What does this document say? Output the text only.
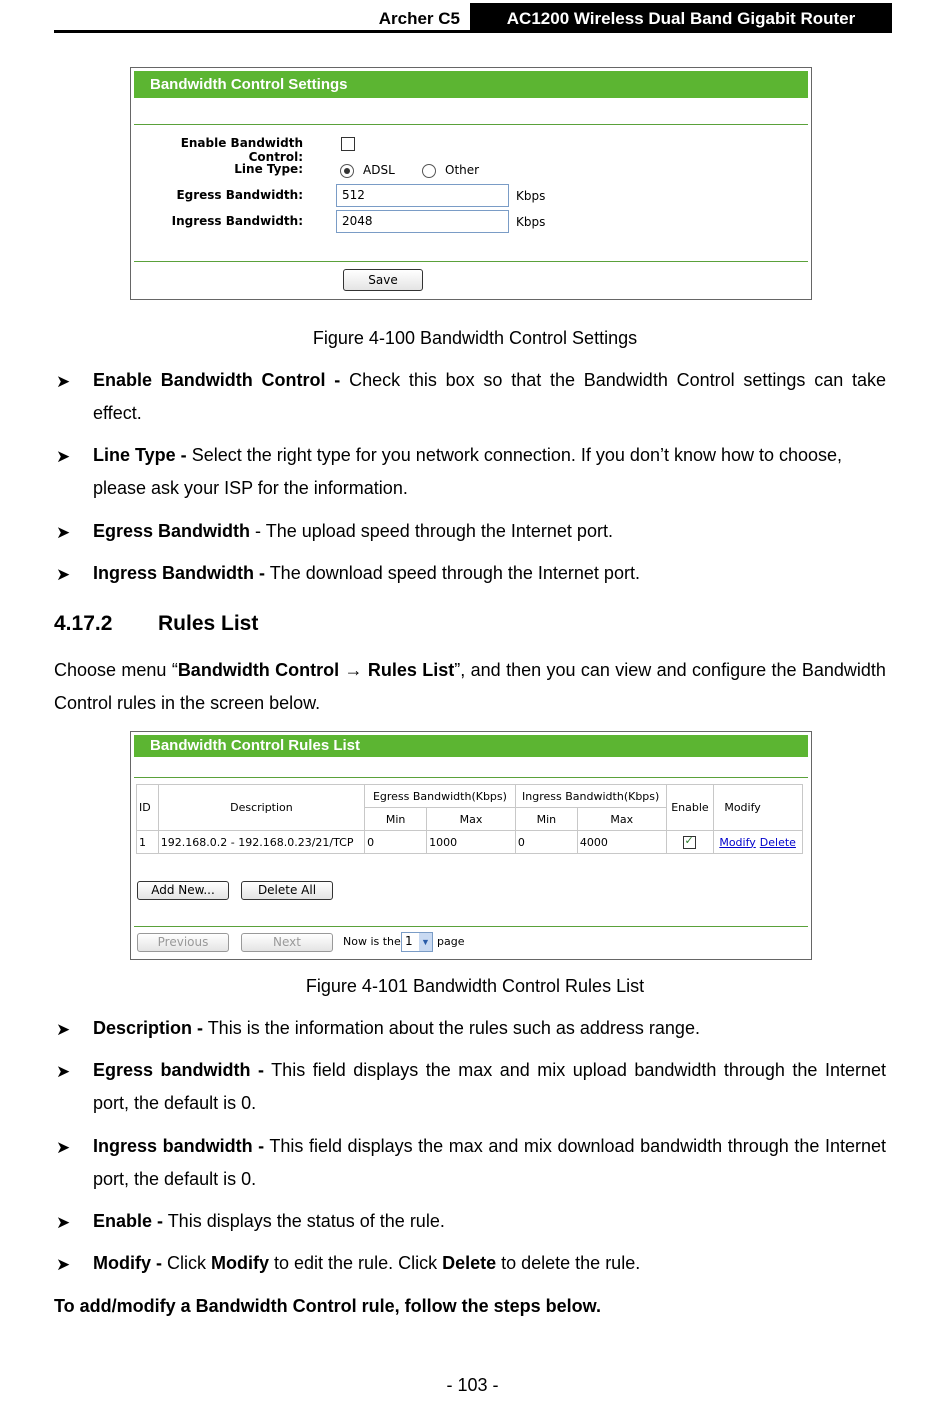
Archer C5	AC1200 Wireless Dual Band Gigabit Router
Bandwidth Control Settings
Enable Bandwidth Control:
Line Type:	ADSL	Other
Egress Bandwidth:	512	Kbps
Ingress Bandwidth:	2048	Kbps
Save
Figure 4-100 Bandwidth Control Settings
➤ Enable Bandwidth Control - Check this box so that the Bandwidth Control settings can take effect.
➤ Line Type - Select the right type for you network connection. If you don’t know how to choose, please ask your ISP for the information.
➤ Egress Bandwidth - The upload speed through the Internet port.
➤ Ingress Bandwidth - The download speed through the Internet port.
4.17.2 Rules List
Choose menu “Bandwidth Control → Rules List”, and then you can view and configure the Bandwidth Control rules in the screen below.
Bandwidth Control Rules List
ID	Description	Egress Bandwidth(Kbps)		Ingress Bandwidth(Kbps)		Enable	Modify
		Min	Max	Min	Max		
1	192.168.0.2 - 192.168.0.23/21/TCP	0	1000	0	4000	✓	Modify Delete
Add New...	Delete All
Previous	Next	Now is the 1 ▼ page
Figure 4-101 Bandwidth Control Rules List
➤ Description - This is the information about the rules such as address range.
➤ Egress bandwidth - This field displays the max and mix upload bandwidth through the Internet port, the default is 0.
➤ Ingress bandwidth - This field displays the max and mix download bandwidth through the Internet port, the default is 0.
➤ Enable - This displays the status of the rule.
➤ Modify - Click Modify to edit the rule. Click Delete to delete the rule.
To add/modify a Bandwidth Control rule, follow the steps below.
- 103 -
